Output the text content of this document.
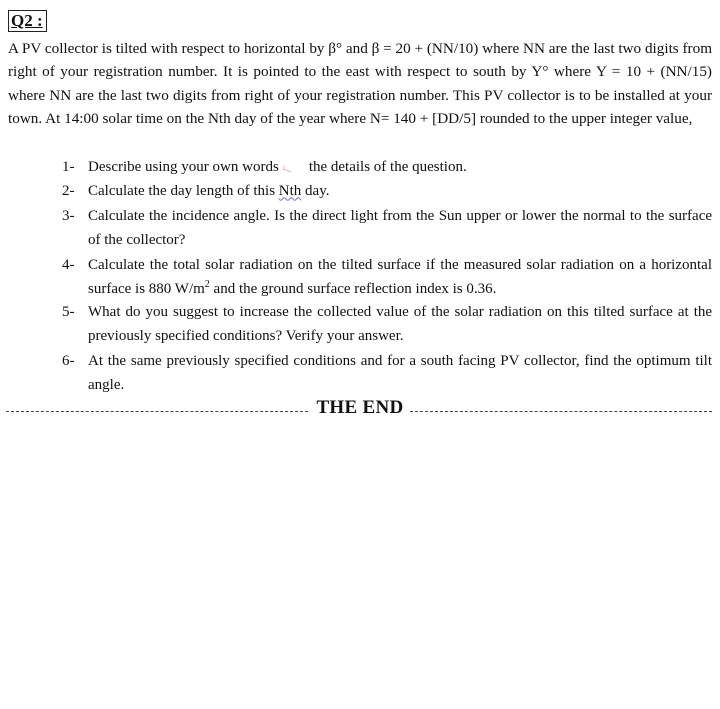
Q2 :
A PV collector is tilted with respect to horizontal by β° and β = 20 + (NN/10) where NN are the last two digits from right of your registration number. It is pointed to the east with respect to south by Y° where Y = 10 + (NN/15) where NN are the last two digits from right of your registration number. This PV collector is to be installed at your town. At 14:00 solar time on the Nth day of the year where N= 140 + [DD/5] rounded to the upper integer value,
1- Describe using your own words the details of the question.
2- Calculate the day length of this Nth day.
3- Calculate the incidence angle. Is the direct light from the Sun upper or lower the normal to the surface of the collector?
4- Calculate the total solar radiation on the tilted surface if the measured solar radiation on a horizontal surface is 880 $W/m^2$ and the ground surface reflection index is 0.36.
5- What do you suggest to increase the collected value of the solar radiation on this tilted surface at the previously specified conditions? Verify your answer.
6- At the same previously specified conditions and for a south facing PV collector, find the optimum tilt angle.
THE END
